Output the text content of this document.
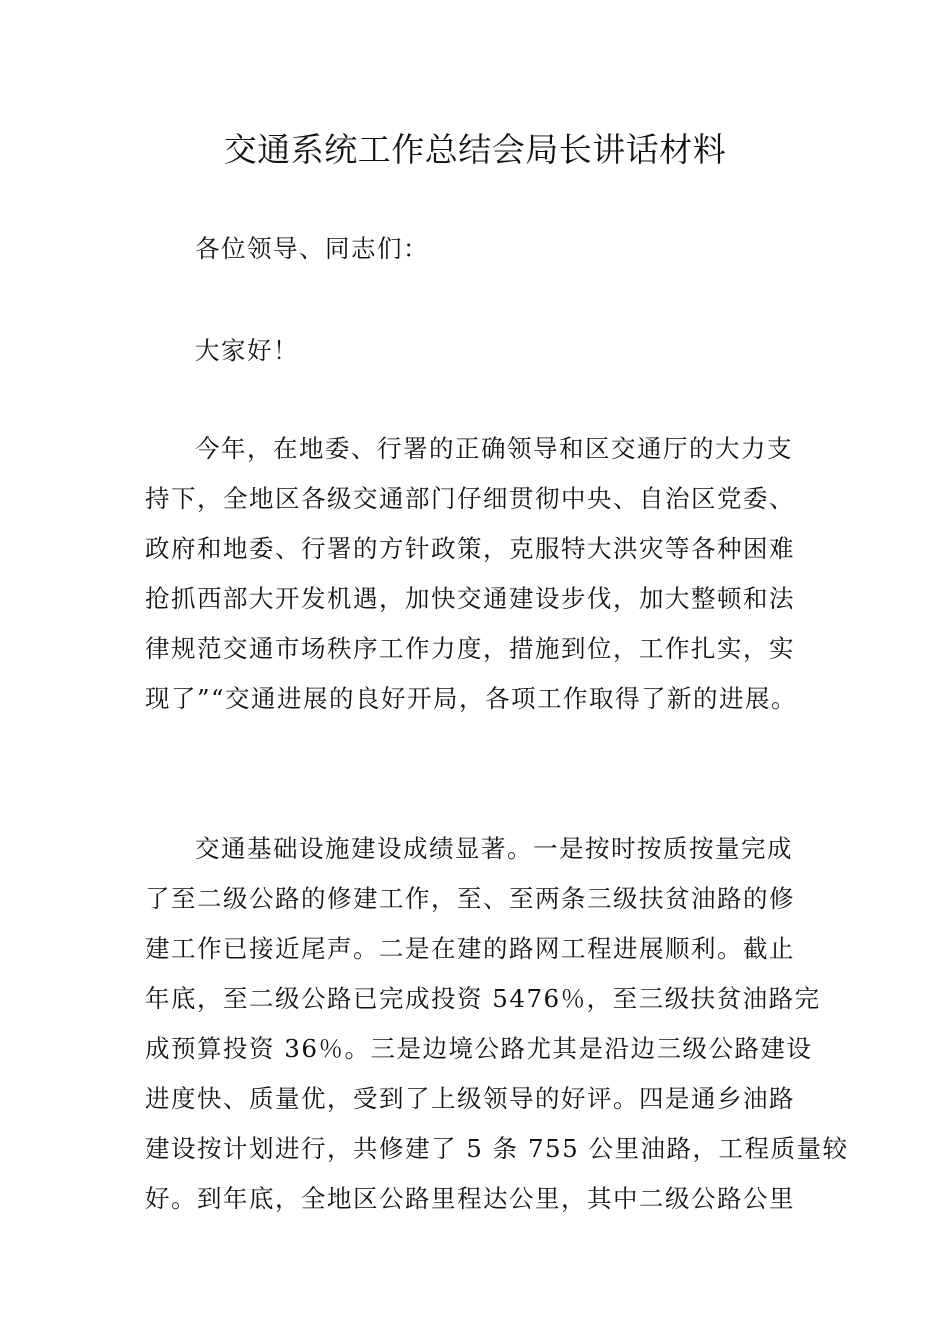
交通系统工作总结会局长讲话材料

各位领导、同志们：

大家好！

今年，在地委、行署的正确领导和区交通厅的大力支
持下，全地区各级交通部门仔细贯彻中央、自治区党委、
政府和地委、行署的方针政策，克服特大洪灾等各种困难
抢抓西部大开发机遇，加快交通建设步伐，加大整顿和法
律规范交通市场秩序工作力度，措施到位，工作扎实，实
现了”“交通进展的良好开局，各项工作取得了新的进展。

交通基础设施建设成绩显著。一是按时按质按量完成
了至二级公路的修建工作，至、至两条三级扶贫油路的修
建工作已接近尾声。二是在建的路网工程进展顺利。截止
年底，至二级公路已完成投资 5476％，至三级扶贫油路完
成预算投资 36％。三是边境公路尤其是沿边三级公路建设
进度快、质量优，受到了上级领导的好评。四是通乡油路
建设按计划进行，共修建了 5 条 755 公里油路，工程质量较
好。到年底，全地区公路里程达公里，其中二级公路公里
